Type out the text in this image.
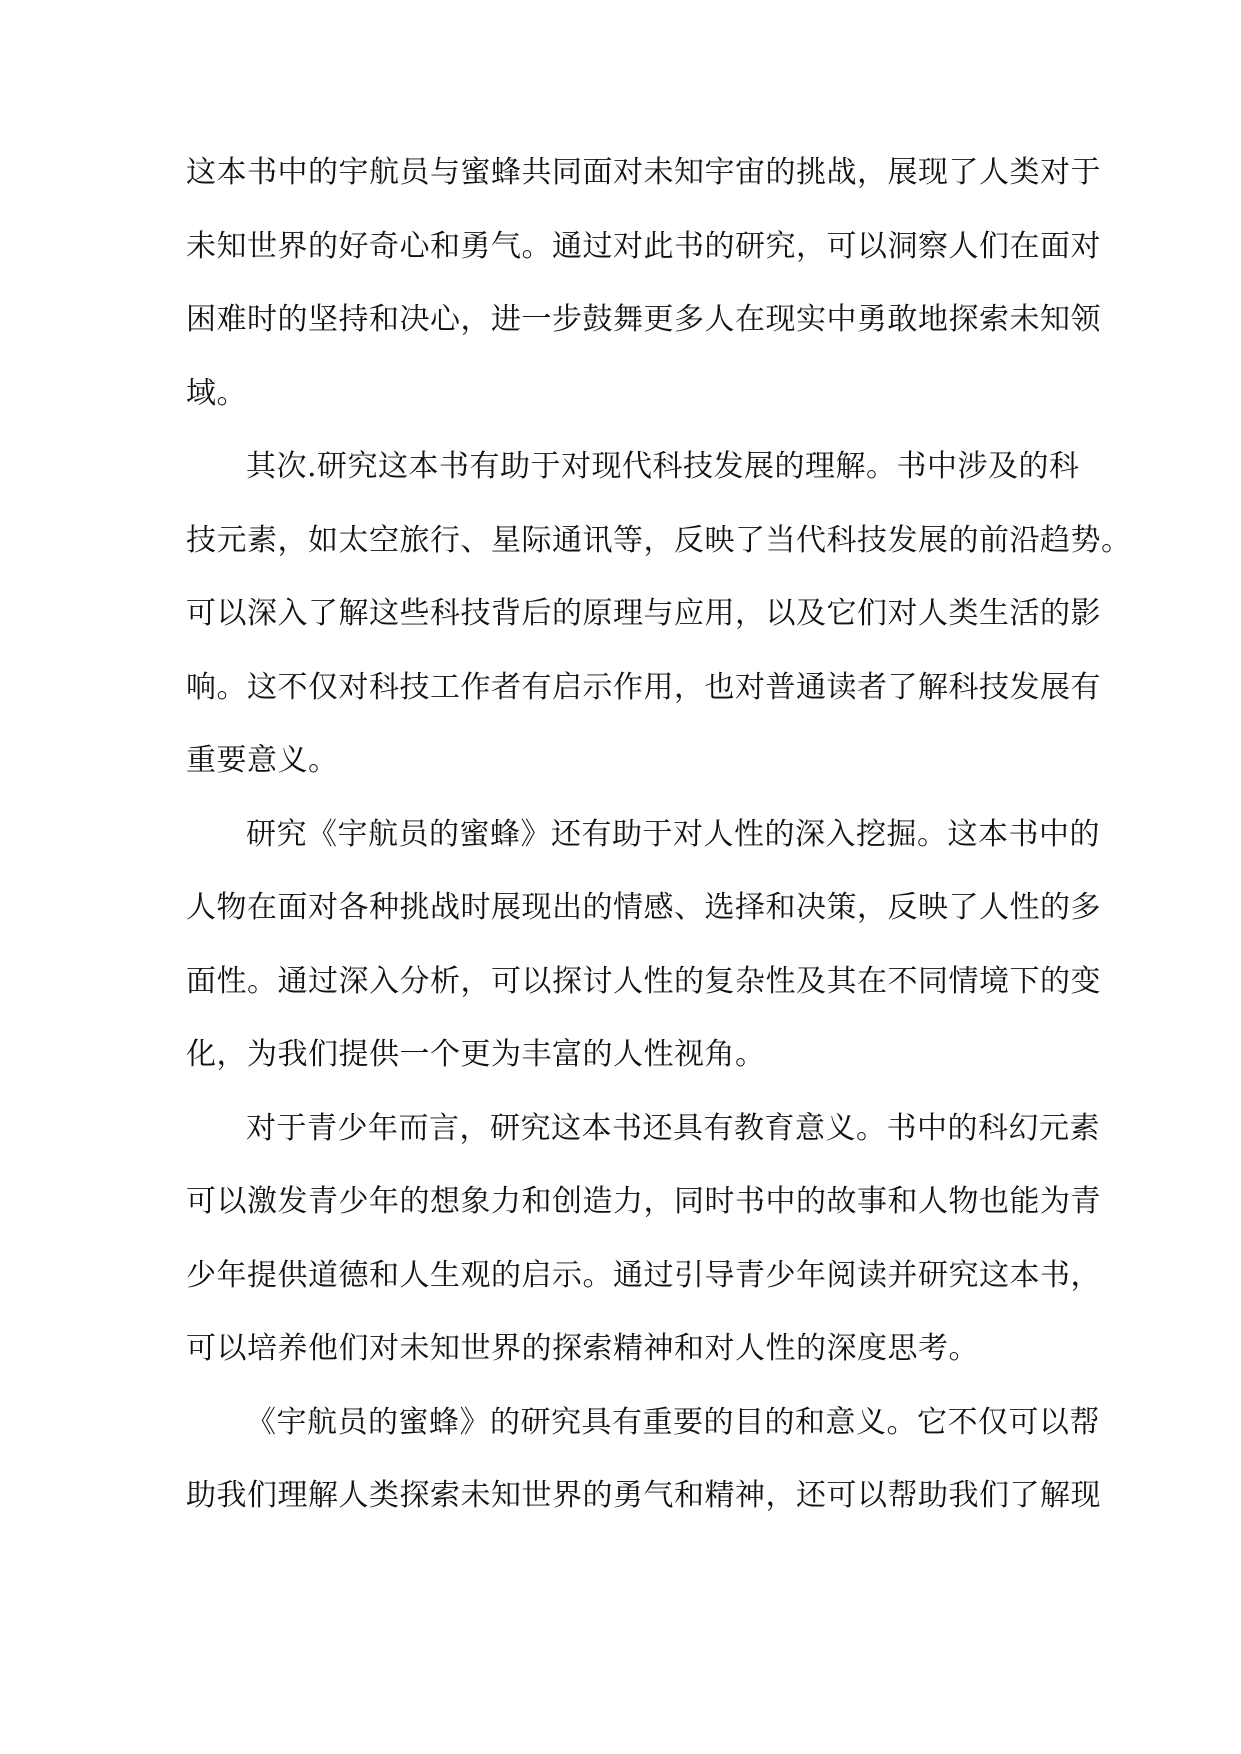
这本书中的宇航员与蜜蜂共同面对未知宇宙的挑战，展现了人类对于
未知世界的好奇心和勇气。通过对此书的研究，可以洞察人们在面对
困难时的坚持和决心，进一步鼓舞更多人在现实中勇敢地探索未知领
域。
其次.研究这本书有助于对现代科技发展的理解。书中涉及的科
技元素，如太空旅行、星际通讯等，反映了当代科技发展的前沿趋势。
可以深入了解这些科技背后的原理与应用，以及它们对人类生活的影
响。这不仅对科技工作者有启示作用，也对普通读者了解科技发展有
重要意义。
研究《宇航员的蜜蜂》还有助于对人性的深入挖掘。这本书中的
人物在面对各种挑战时展现出的情感、选择和决策，反映了人性的多
面性。通过深入分析，可以探讨人性的复杂性及其在不同情境下的变
化，为我们提供一个更为丰富的人性视角。
对于青少年而言，研究这本书还具有教育意义。书中的科幻元素
可以激发青少年的想象力和创造力，同时书中的故事和人物也能为青
少年提供道德和人生观的启示。通过引导青少年阅读并研究这本书，
可以培养他们对未知世界的探索精神和对人性的深度思考。
《宇航员的蜜蜂》的研究具有重要的目的和意义。它不仅可以帮
助我们理解人类探索未知世界的勇气和精神，还可以帮助我们了解现
